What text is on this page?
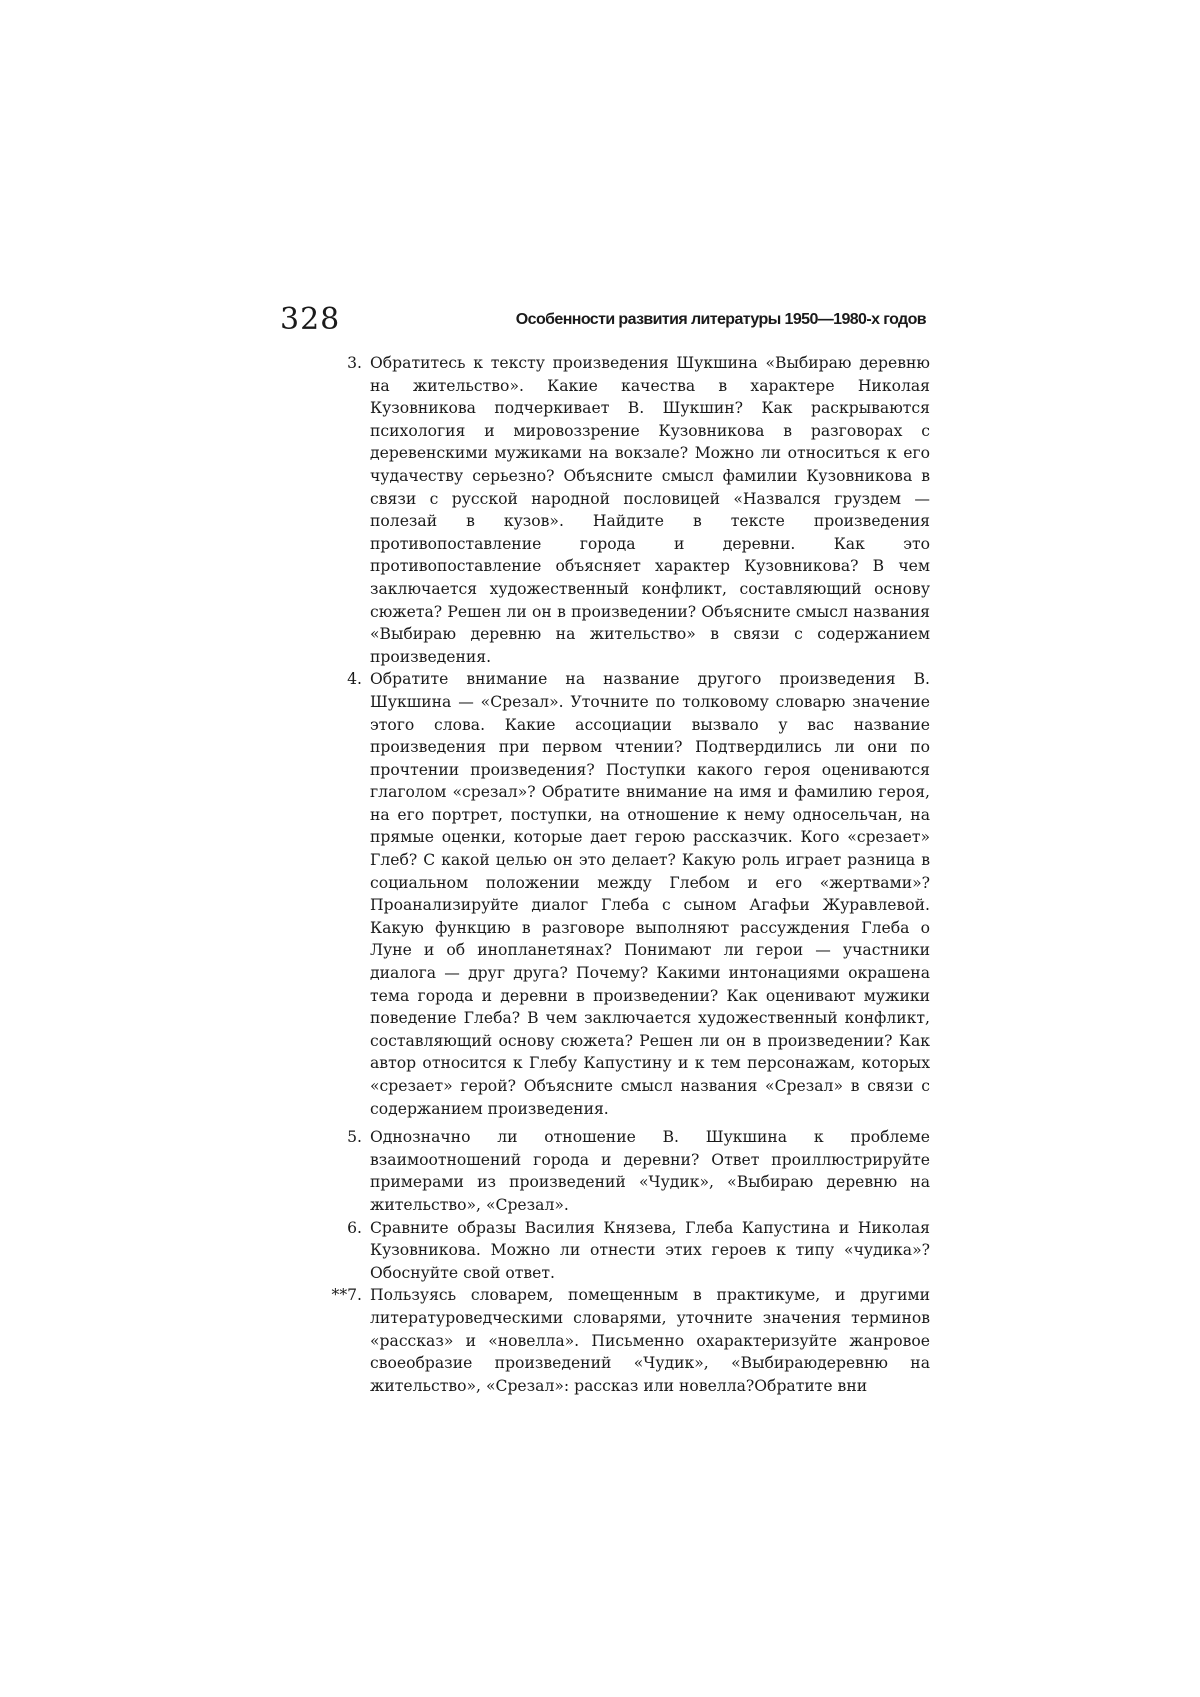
328	Особенности развития литературы 1950—1980-х годов
3. Обратитесь к тексту произведения Шукшина «Выбираю деревню на жительство». Какие качества в характере Николая Кузовникова подчеркивает В. Шукшин? Как раскрываются психология и мировоззрение Кузовникова в разговорах с деревенскими мужиками на вокзале? Можно ли относиться к его чудачеству серьезно? Объясните смысл фамилии Кузовникова в связи с русской народной пословицей «Назвался груздем — полезай в кузов». Найдите в тексте произведения противопоставление города и деревни. Как это противопоставление объясняет характер Кузовникова? В чем заключается художественный конфликт, составляющий основу сюжета? Решен ли он в произведении? Объясните смысл названия «Выбираю деревню на жительство» в связи с содержанием произведения.
4. Обратите внимание на название другого произведения В. Шукшина — «Срезал». Уточните по толковому словарю значение этого слова. Какие ассоциации вызвало у вас название произведения при первом чтении? Подтвердились ли они по прочтении произведения? Поступки какого героя оцениваются глаголом «срезал»? Обратите внимание на имя и фамилию героя, на его портрет, поступки, на отношение к нему односельчан, на прямые оценки, которые дает герою рассказчик. Кого «срезает» Глеб? С какой целью он это делает? Какую роль играет разница в социальном положении между Глебом и его «жертвами»? Проанализируйте диалог Глеба с сыном Агафьи Журавлевой. Какую функцию в разговоре выполняют рассуждения Глеба о Луне и об инопланетянах? Понимают ли герои — участники диалога — друг друга? Почему? Какими интонациями окрашена тема города и деревни в произведении? Как оценивают мужики поведение Глеба? В чем заключается художественный конфликт, составляющий основу сюжета? Решен ли он в произведении? Как автор относится к Глебу Капустину и к тем персонажам, которых «срезает» герой? Объясните смысл названия «Срезал» в связи с содержанием произведения.
5. Однозначно ли отношение В. Шукшина к проблеме взаимоотношений города и деревни? Ответ проиллюстрируйте примерами из произведений «Чудик», «Выбираю деревню на жительство», «Срезал».
6. Сравните образы Василия Князева, Глеба Капустина и Николая Кузовникова. Можно ли отнести этих героев к типу «чудика»? Обоснуйте свой ответ.
**7. Пользуясь словарем, помещенным в практикуме, и другими литературоведческими словарями, уточните значения терминов «рассказ» и «новелла». Письменно охарактеризуйте жанровое своеобразие произведений «Чудик», «Выбираюдеревню на жительство», «Срезал»: рассказ или новелла?Обратите вни
